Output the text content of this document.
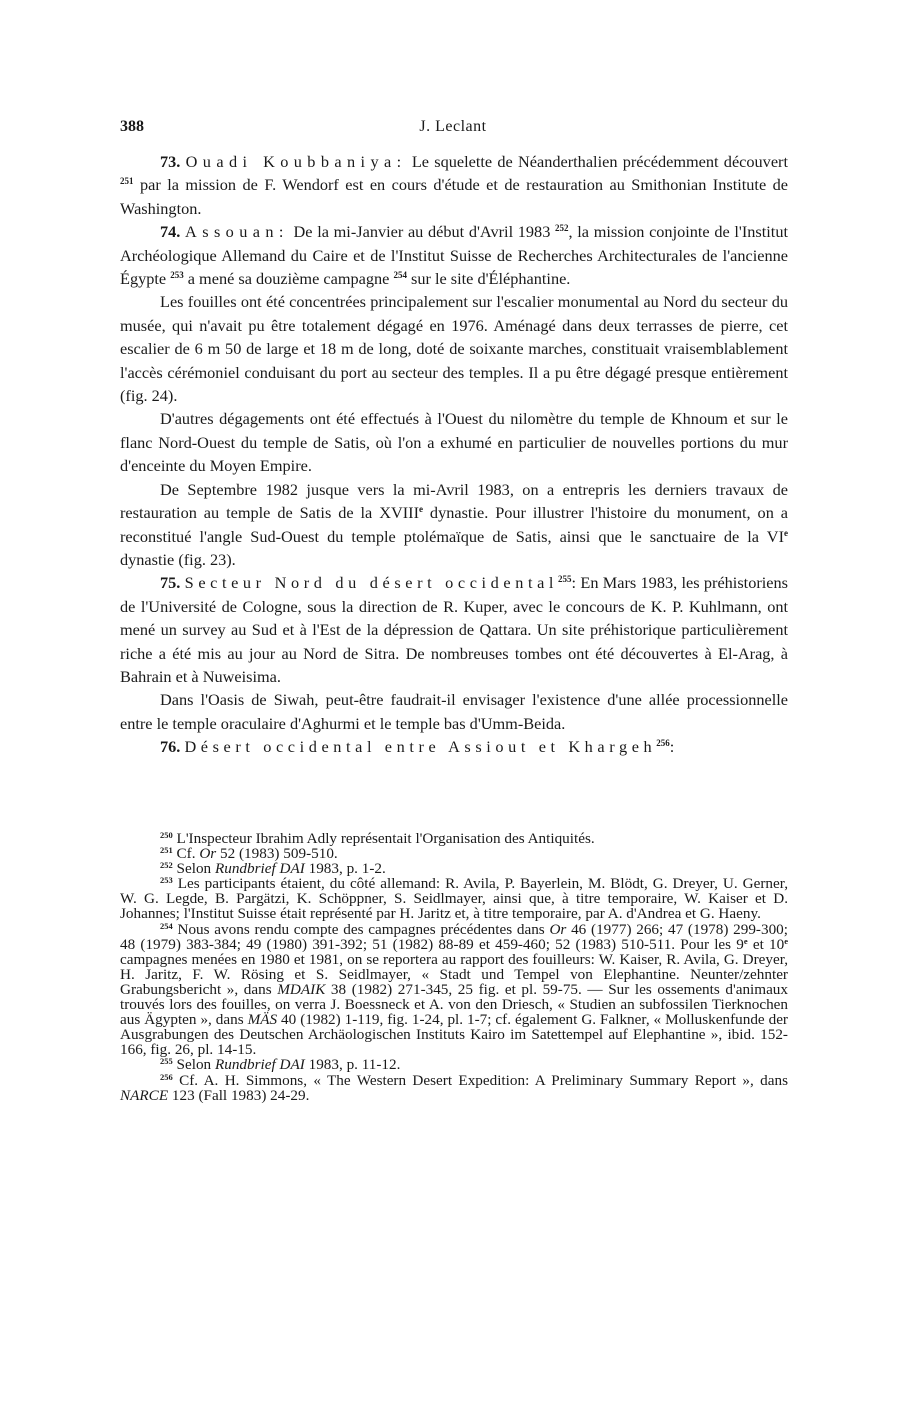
388	J. Leclant

73. Ouadi Koubbaniya: Le squelette de Néanderthalien précédemment découvert $^{251}$ par la mission de F. Wendorf est en cours d'étude et de restauration au Smithonian Institute de Washington.

74. Assouan: De la mi-Janvier au début d'Avril 1983 $^{252}$, la mission conjointe de l'Institut Archéologique Allemand du Caire et de l'Institut Suisse de Recherches Architecturales de l'ancienne Égypte $^{253}$ a mené sa douzième campagne $^{254}$ sur le site d'Éléphantine.

Les fouilles ont été concentrées principalement sur l'escalier monumental au Nord du secteur du musée, qui n'avait pu être totalement dégagé en 1976. Aménagé dans deux terrasses de pierre, cet escalier de 6 m 50 de large et 18 m de long, doté de soixante marches, constituait vraisemblablement l'accès cérémoniel conduisant du port au secteur des temples. Il a pu être dégagé presque entièrement (fig. 24).

D'autres dégagements ont été effectués à l'Ouest du nilomètre du temple de Khnoum et sur le flanc Nord-Ouest du temple de Satis, où l'on a exhumé en particulier de nouvelles portions du mur d'enceinte du Moyen Empire.

De Septembre 1982 jusque vers la mi-Avril 1983, on a entrepris les derniers travaux de restauration au temple de Satis de la XVIIIe dynastie. Pour illustrer l'histoire du monument, on a reconstitué l'angle Sud-Ouest du temple ptolémaïque de Satis, ainsi que le sanctuaire de la VIe dynastie (fig. 23).

75. Secteur Nord du désert occidental$^{255}$: En Mars 1983, les préhistoriens de l'Université de Cologne, sous la direction de R. Kuper, avec le concours de K. P. Kuhlmann, ont mené un survey au Sud et à l'Est de la dépression de Qattara. Un site préhistorique particulièrement riche a été mis au jour au Nord de Sitra. De nombreuses tombes ont été découvertes à El-Arag, à Bahrain et à Nuweisima.

Dans l'Oasis de Siwah, peut-être faudrait-il envisager l'existence d'une allée processionnelle entre le temple oraculaire d'Aghurmi et le temple bas d'Umm-Beida.

76. Désert occidental entre Assiout et Khargeh$^{256}$:

$^{250}$ L'Inspecteur Ibrahim Adly représentait l'Organisation des Antiquités.

$^{251}$ Cf. Or 52 (1983) 509-510.

$^{252}$ Selon Rundbrief DAI 1983, p. 1-2.

$^{253}$ Les participants étaient, du côté allemand: R. Avila, P. Bayerlein, M. Blödt, G. Dreyer, U. Gerner, W. G. Legde, B. Pargätzi, K. Schöppner, S. Seidlmayer, ainsi que, à titre temporaire, W. Kaiser et D. Johannes; l'Institut Suisse était représenté par H. Jaritz et, à titre temporaire, par A. d'Andrea et G. Haeny.

$^{254}$ Nous avons rendu compte des campagnes précédentes dans Or 46 (1977) 266; 47 (1978) 299-300; 48 (1979) 383-384; 49 (1980) 391-392; 51 (1982) 88-89 et 459-460; 52 (1983) 510-511. Pour les 9e et 10e campagnes menées en 1980 et 1981, on se reportera au rapport des fouilleurs: W. Kaiser, R. Avila, G. Dreyer, H. Jaritz, F. W. Rösing et S. Seidlmayer, « Stadt und Tempel von Elephantine. Neunter/zehnter Grabungsbericht », dans MDAIK 38 (1982) 271-345, 25 fig. et pl. 59-75. — Sur les ossements d'animaux trouvés lors des fouilles, on verra J. Boessneck et A. von den Driesch, « Studien an subfossilen Tierknochen aus Ägypten », dans MÄS 40 (1982) 1-119, fig. 1-24, pl. 1-7; cf. également G. Falkner, « Molluskenfunde der Ausgrabungen des Deutschen Archäologischen Instituts Kairo im Satettempel auf Elephantine », ibid. 152-166, fig. 26, pl. 14-15.

$^{255}$ Selon Rundbrief DAI 1983, p. 11-12.

$^{256}$ Cf. A. H. Simmons, « The Western Desert Expedition: A Preliminary Summary Report », dans NARCE 123 (Fall 1983) 24-29.
